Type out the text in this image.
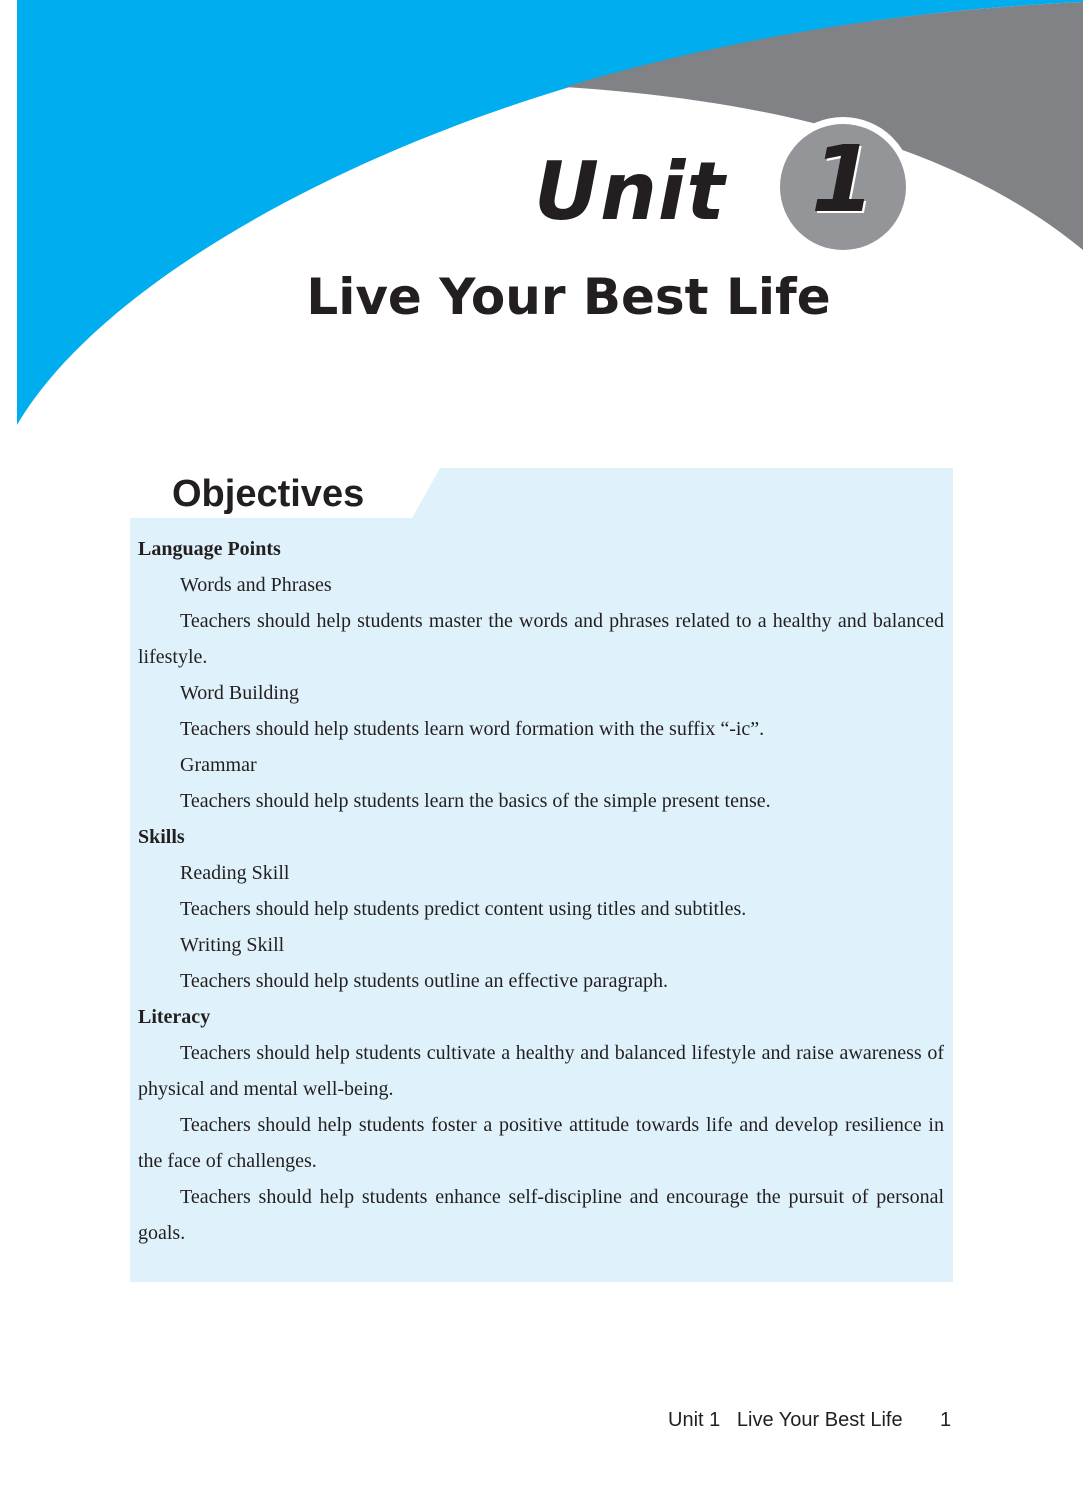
Unit 1
Live Your Best Life
Objectives

Language Points

Words and Phrases

Teachers should help students master the words and phrases related to a healthy and balanced lifestyle.

Word Building

Teachers should help students learn word formation with the suffix “-ic”.

Grammar

Teachers should help students learn the basics of the simple present tense.

Skills

Reading Skill

Teachers should help students predict content using titles and subtitles.

Writing Skill

Teachers should help students outline an effective paragraph.

Literacy

Teachers should help students cultivate a healthy and balanced lifestyle and raise awareness of physical and mental well-being.

Teachers should help students foster a positive attitude towards life and develop resilience in the face of challenges.

Teachers should help students enhance self-discipline and encourage the pursuit of personal goals.

Unit 1   Live Your Best Life 1
